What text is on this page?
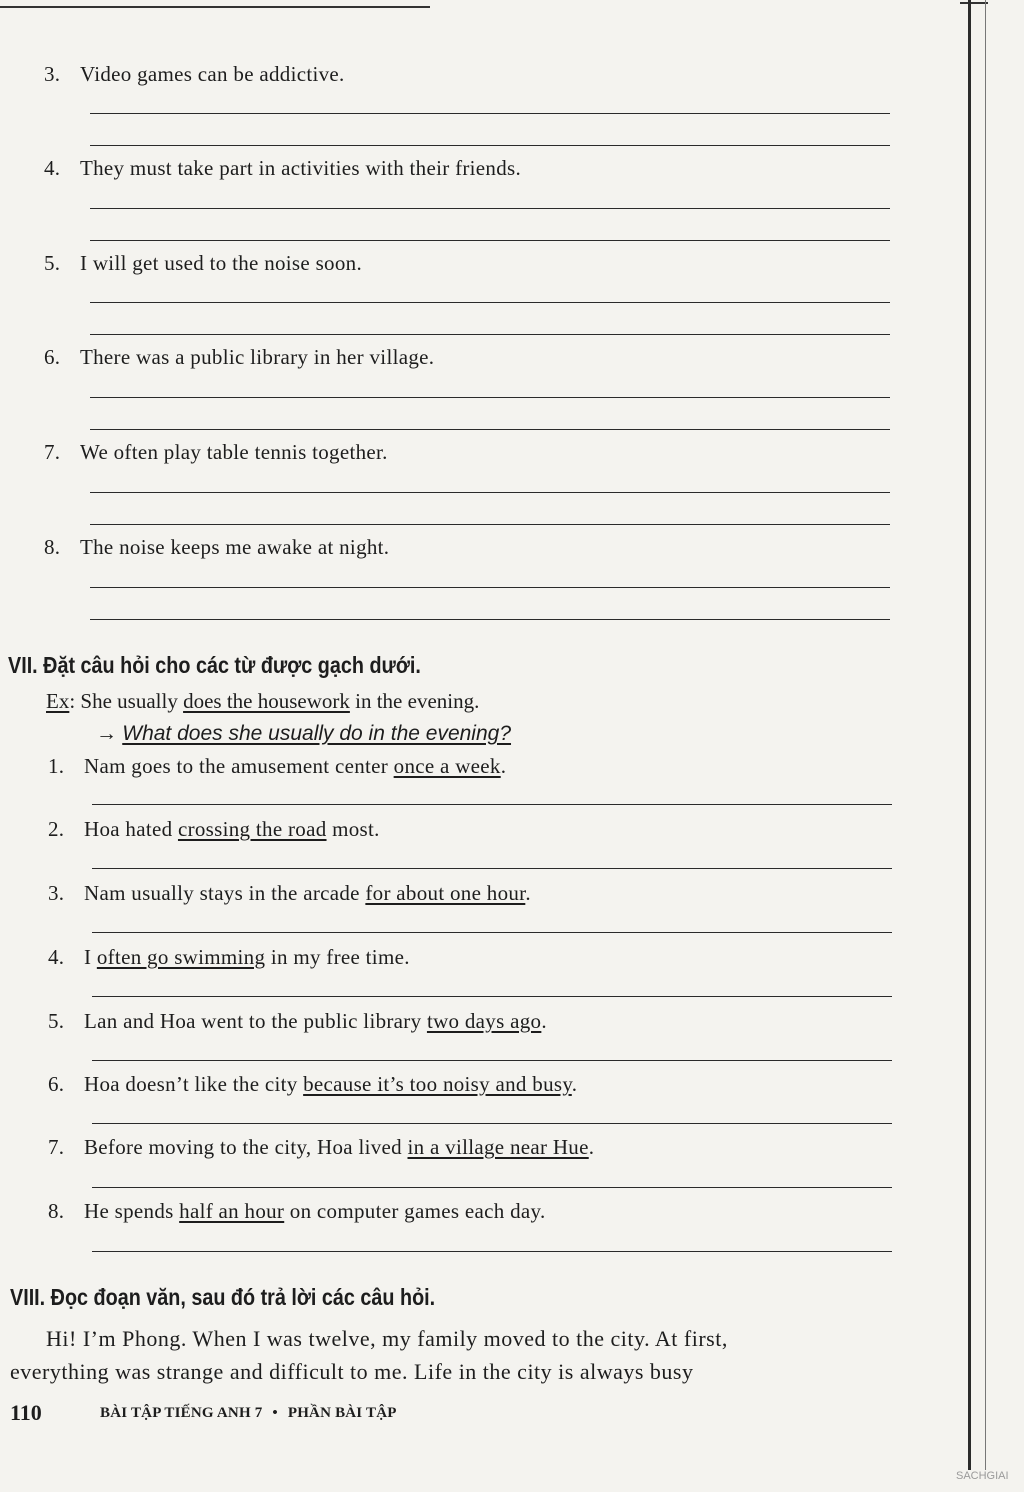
3. Video games can be addictive.
4. They must take part in activities with their friends.
5. I will get used to the noise soon.
6. There was a public library in her village.
7. We often play table tennis together.
8. The noise keeps me awake at night.
VII. Đặt câu hỏi cho các từ được gạch dưới.
Ex: She usually does the housework in the evening.
→ What does she usually do in the evening?
1. Nam goes to the amusement center once a week.
2. Hoa hated crossing the road most.
3. Nam usually stays in the arcade for about one hour.
4. I often go swimming in my free time.
5. Lan and Hoa went to the public library two days ago.
6. Hoa doesn’t like the city because it’s too noisy and busy.
7. Before moving to the city, Hoa lived in a village near Hue.
8. He spends half an hour on computer games each day.
VIII. Đọc đoạn văn, sau đó trả lời các câu hỏi.
Hi! I’m Phong. When I was twelve, my family moved to the city. At first,
everything was strange and difficult to me. Life in the city is always busy
110	BÀI TẬP TIẾNG ANH 7 • PHẦN BÀI TẬP
SACHGIAI
